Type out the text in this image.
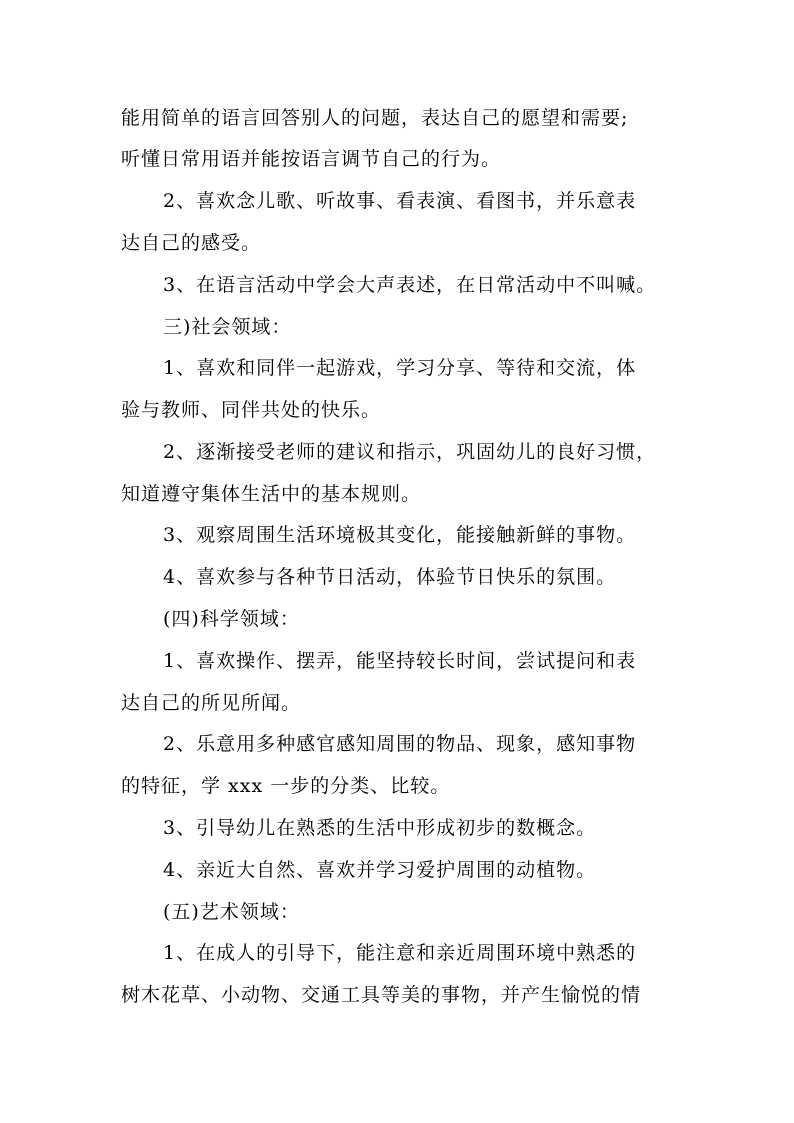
能用简单的语言回答别人的问题，表达自己的愿望和需要;
听懂日常用语并能按语言调节自己的行为。
2、喜欢念儿歌、听故事、看表演、看图书，并乐意表
达自己的感受。
3、在语言活动中学会大声表述，在日常活动中不叫喊。
三)社会领域：
1、喜欢和同伴一起游戏，学习分享、等待和交流，体
验与教师、同伴共处的快乐。
2、逐渐接受老师的建议和指示，巩固幼儿的良好习惯，
知道遵守集体生活中的基本规则。
3、观察周围生活环境极其变化，能接触新鲜的事物。
4、喜欢参与各种节日活动，体验节日快乐的氛围。
(四)科学领域：
1、喜欢操作、摆弄，能坚持较长时间，尝试提问和表
达自己的所见所闻。
2、乐意用多种感官感知周围的物品、现象，感知事物
的特征，学 xxx 一步的分类、比较。
3、引导幼儿在熟悉的生活中形成初步的数概念。
4、亲近大自然、喜欢并学习爱护周围的动植物。
(五)艺术领域：
1、在成人的引导下，能注意和亲近周围环境中熟悉的
树木花草、小动物、交通工具等美的事物，并产生愉悦的情
